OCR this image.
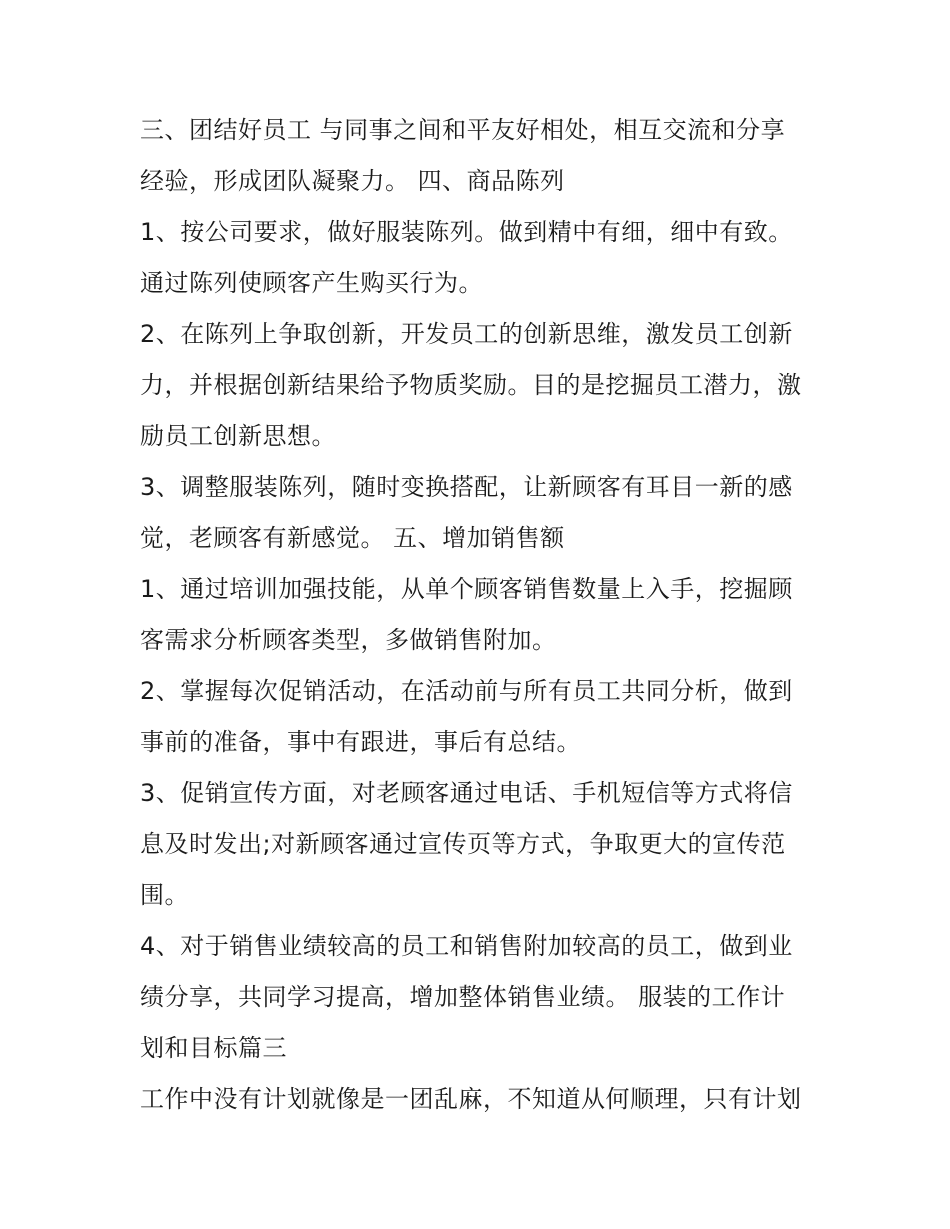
三、团结好员工 与同事之间和平友好相处，相互交流和分享
经验，形成团队凝聚力。 四、商品陈列

1、按公司要求，做好服装陈列。做到精中有细，细中有致。
通过陈列使顾客产生购买行为。

2、在陈列上争取创新，开发员工的创新思维，激发员工创新
力，并根据创新结果给予物质奖励。目的是挖掘员工潜力，激
励员工创新思想。

3、调整服装陈列，随时变换搭配，让新顾客有耳目一新的感
觉，老顾客有新感觉。 五、增加销售额

1、通过培训加强技能，从单个顾客销售数量上入手，挖掘顾
客需求分析顾客类型，多做销售附加。

2、掌握每次促销活动，在活动前与所有员工共同分析，做到
事前的准备，事中有跟进，事后有总结。

3、促销宣传方面，对老顾客通过电话、手机短信等方式将信
息及时发出;对新顾客通过宣传页等方式，争取更大的宣传范
围。

4、对于销售业绩较高的员工和销售附加较高的员工，做到业
绩分享，共同学习提高，增加整体销售业绩。 服装的工作计
划和目标篇三

工作中没有计划就像是一团乱麻，不知道从何顺理，只有计划
